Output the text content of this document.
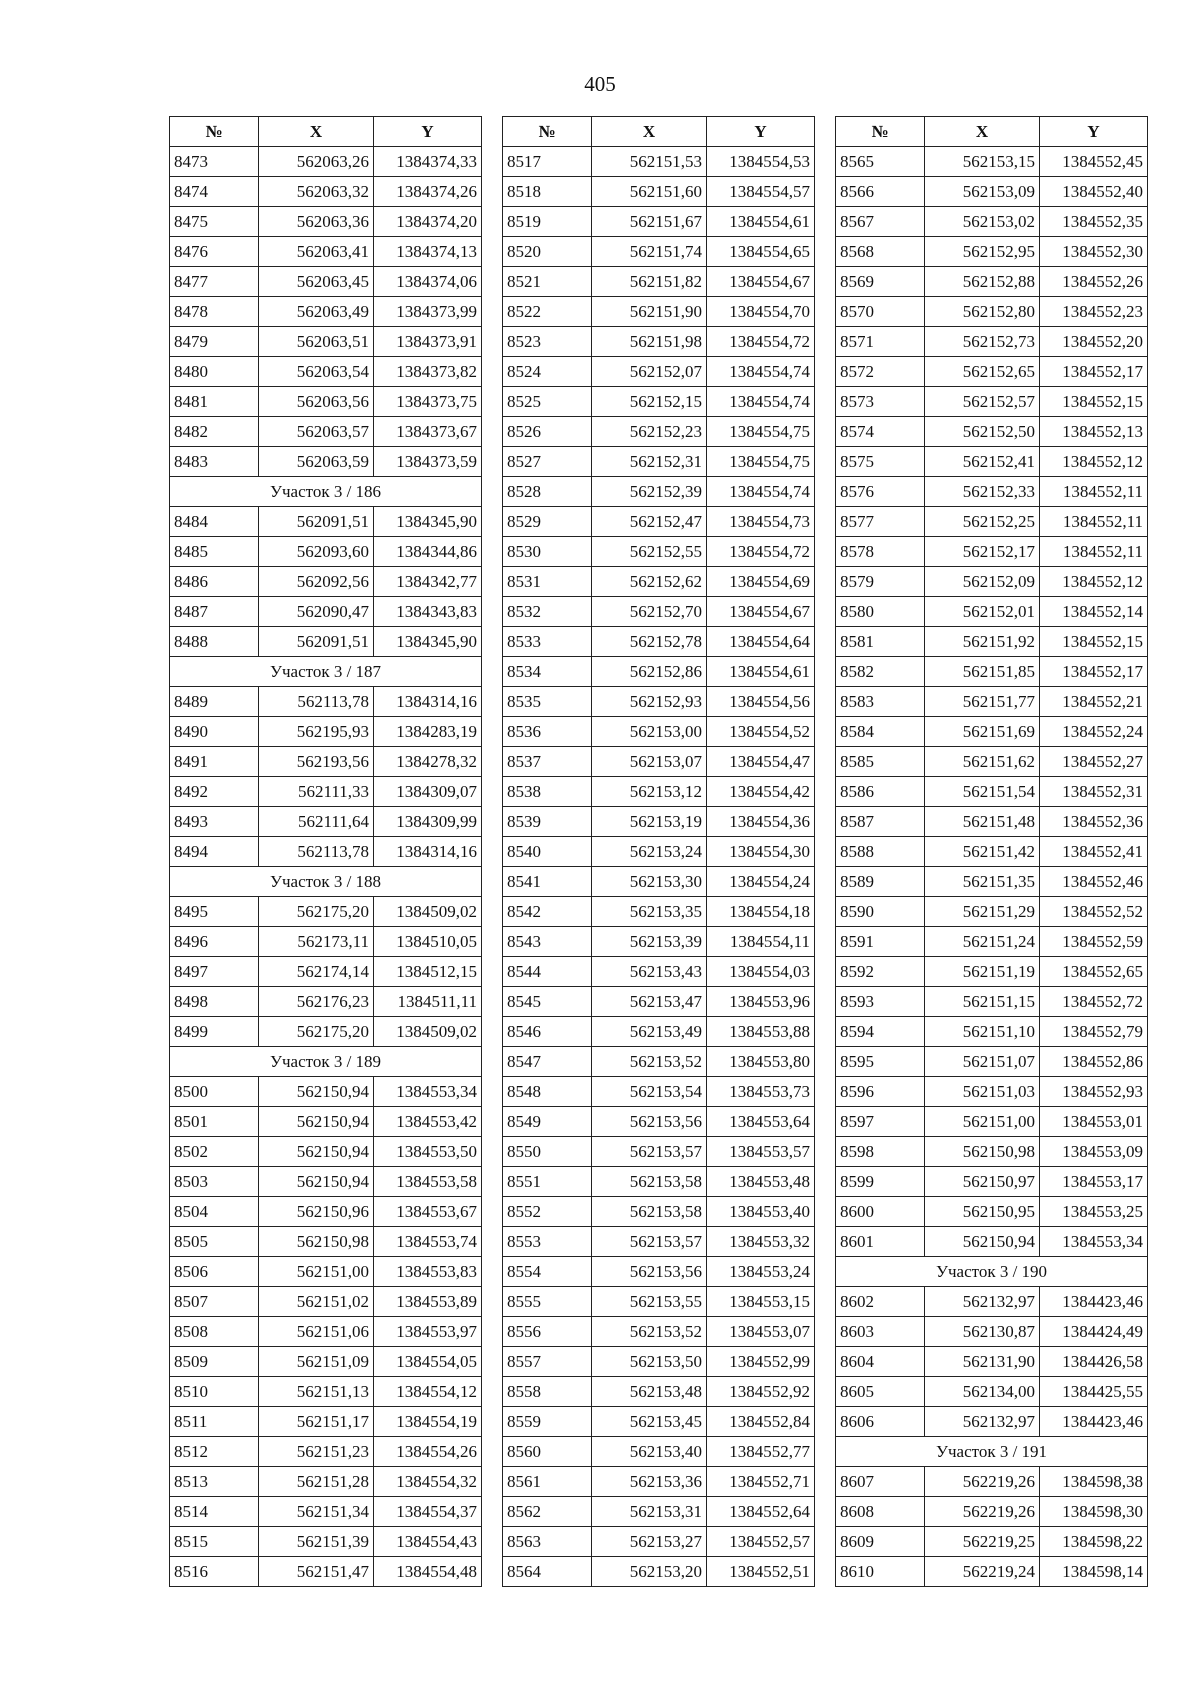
405
№	X	Y
8473	562063,26	1384374,33
8474	562063,32	1384374,26
8475	562063,36	1384374,20
8476	562063,41	1384374,13
8477	562063,45	1384374,06
8478	562063,49	1384373,99
8479	562063,51	1384373,91
8480	562063,54	1384373,82
8481	562063,56	1384373,75
8482	562063,57	1384373,67
8483	562063,59	1384373,59
Участок 3 / 186		
8484	562091,51	1384345,90
8485	562093,60	1384344,86
8486	562092,56	1384342,77
8487	562090,47	1384343,83
8488	562091,51	1384345,90
Участок 3 / 187		
8489	562113,78	1384314,16
8490	562195,93	1384283,19
8491	562193,56	1384278,32
8492	562111,33	1384309,07
8493	562111,64	1384309,99
8494	562113,78	1384314,16
Участок 3 / 188		
8495	562175,20	1384509,02
8496	562173,11	1384510,05
8497	562174,14	1384512,15
8498	562176,23	1384511,11
8499	562175,20	1384509,02
Участок 3 / 189		
8500	562150,94	1384553,34
8501	562150,94	1384553,42
8502	562150,94	1384553,50
8503	562150,94	1384553,58
8504	562150,96	1384553,67
8505	562150,98	1384553,74
8506	562151,00	1384553,83
8507	562151,02	1384553,89
8508	562151,06	1384553,97
8509	562151,09	1384554,05
8510	562151,13	1384554,12
8511	562151,17	1384554,19
8512	562151,23	1384554,26
8513	562151,28	1384554,32
8514	562151,34	1384554,37
8515	562151,39	1384554,43
8516	562151,47	1384554,48
№	X	Y
8517	562151,53	1384554,53
8518	562151,60	1384554,57
8519	562151,67	1384554,61
8520	562151,74	1384554,65
8521	562151,82	1384554,67
8522	562151,90	1384554,70
8523	562151,98	1384554,72
8524	562152,07	1384554,74
8525	562152,15	1384554,74
8526	562152,23	1384554,75
8527	562152,31	1384554,75
8528	562152,39	1384554,74
8529	562152,47	1384554,73
8530	562152,55	1384554,72
8531	562152,62	1384554,69
8532	562152,70	1384554,67
8533	562152,78	1384554,64
8534	562152,86	1384554,61
8535	562152,93	1384554,56
8536	562153,00	1384554,52
8537	562153,07	1384554,47
8538	562153,12	1384554,42
8539	562153,19	1384554,36
8540	562153,24	1384554,30
8541	562153,30	1384554,24
8542	562153,35	1384554,18
8543	562153,39	1384554,11
8544	562153,43	1384554,03
8545	562153,47	1384553,96
8546	562153,49	1384553,88
8547	562153,52	1384553,80
8548	562153,54	1384553,73
8549	562153,56	1384553,64
8550	562153,57	1384553,57
8551	562153,58	1384553,48
8552	562153,58	1384553,40
8553	562153,57	1384553,32
8554	562153,56	1384553,24
8555	562153,55	1384553,15
8556	562153,52	1384553,07
8557	562153,50	1384552,99
8558	562153,48	1384552,92
8559	562153,45	1384552,84
8560	562153,40	1384552,77
8561	562153,36	1384552,71
8562	562153,31	1384552,64
8563	562153,27	1384552,57
8564	562153,20	1384552,51
№	X	Y
8565	562153,15	1384552,45
8566	562153,09	1384552,40
8567	562153,02	1384552,35
8568	562152,95	1384552,30
8569	562152,88	1384552,26
8570	562152,80	1384552,23
8571	562152,73	1384552,20
8572	562152,65	1384552,17
8573	562152,57	1384552,15
8574	562152,50	1384552,13
8575	562152,41	1384552,12
8576	562152,33	1384552,11
8577	562152,25	1384552,11
8578	562152,17	1384552,11
8579	562152,09	1384552,12
8580	562152,01	1384552,14
8581	562151,92	1384552,15
8582	562151,85	1384552,17
8583	562151,77	1384552,21
8584	562151,69	1384552,24
8585	562151,62	1384552,27
8586	562151,54	1384552,31
8587	562151,48	1384552,36
8588	562151,42	1384552,41
8589	562151,35	1384552,46
8590	562151,29	1384552,52
8591	562151,24	1384552,59
8592	562151,19	1384552,65
8593	562151,15	1384552,72
8594	562151,10	1384552,79
8595	562151,07	1384552,86
8596	562151,03	1384552,93
8597	562151,00	1384553,01
8598	562150,98	1384553,09
8599	562150,97	1384553,17
8600	562150,95	1384553,25
8601	562150,94	1384553,34
Участок 3 / 190		
8602	562132,97	1384423,46
8603	562130,87	1384424,49
8604	562131,90	1384426,58
8605	562134,00	1384425,55
8606	562132,97	1384423,46
Участок 3 / 191		
8607	562219,26	1384598,38
8608	562219,26	1384598,30
8609	562219,25	1384598,22
8610	562219,24	1384598,14
